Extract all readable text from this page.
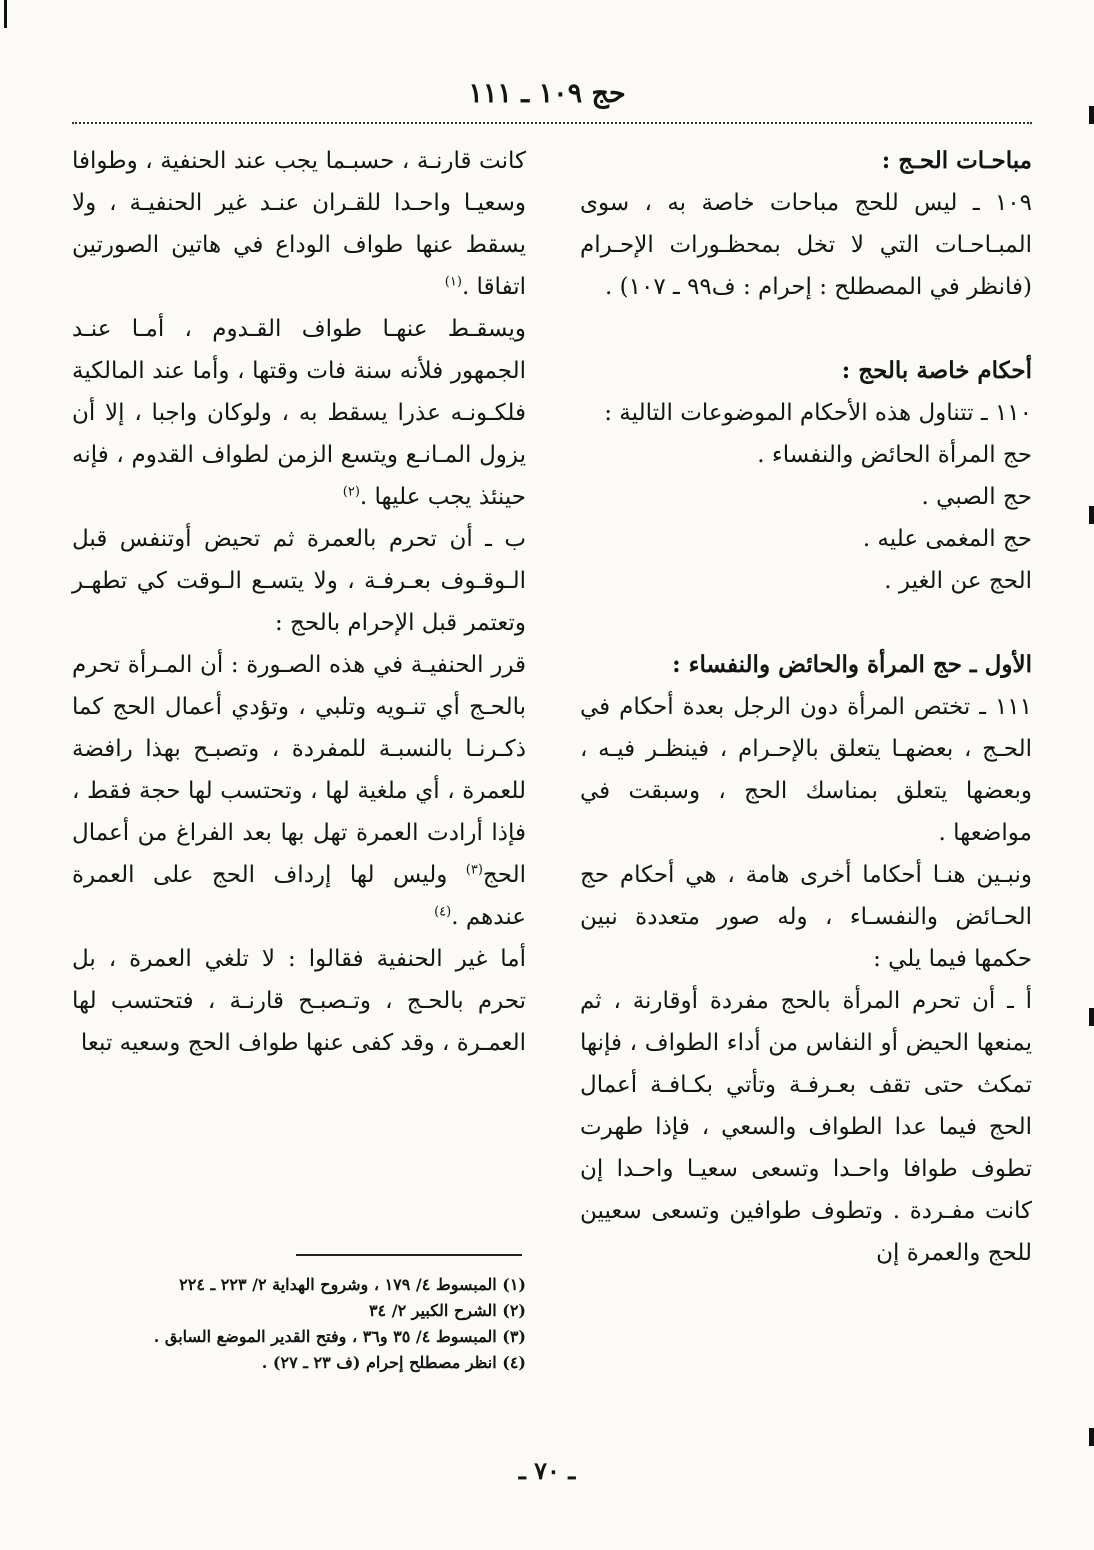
حج ١٠٩ ـ ١١١

مباحـات الحـج :

١٠٩ ـ ليس للحج مباحات خاصة به ، سوى المبـاحـات التي لا تخل بمحظـورات الإحـرام (فانظر في المصطلح : إحرام : ف٩٩ ـ ١٠٧) .

أحكام خاصة بالحج :

١١٠ ـ تتناول هذه الأحكام الموضوعات التالية :

حج المرأة الحائض والنفساء .

حج الصبي .

حج المغمى عليه .

الحج عن الغير .

الأول ـ حج المرأة والحائض والنفساء :

١١١ ـ تختص المرأة دون الرجل بعدة أحكام في الحـج ، بعضهـا يتعلق بالإحـرام ، فينظـر فيـه ، وبعضها يتعلق بمناسك الحج ، وسبقت في مواضعها .

ونبـين هنـا أحكاما أخرى هامة ، هي أحكام حج الحـائض والنفسـاء ، وله صور متعددة نبين حكمها فيما يلي :

أ ـ أن تحرم المرأة بالحج مفردة أوقارنة ، ثم يمنعها الحيض أو النفاس من أداء الطواف ، فإنها تمكث حتى تقف بعـرفـة وتأتي بكـافـة أعمال الحج فيما عدا الطواف والسعي ، فإذا طهرت تطوف طوافا واحـدا وتسعى سعيـا واحـدا إن كانت مفـردة . وتطوف طوافين وتسعى سعيين للحج والعمرة إن

كانت قارنـة ، حسبـما يجب عند الحنفية ، وطوافا وسعيـا واحـدا للقـران عنـد غير الحنفيـة ، ولا يسقط عنها طواف الوداع في هاتين الصورتين اتفاقا .$^{(١)}$

ويسقـط عنهـا طواف القـدوم ، أمـا عنـد الجمهور فلأنه سنة فات وقتها ، وأما عند المالكية فلكـونـه عذرا يسقط به ، ولوكان واجبا ، إلا أن يزول المـانـع ويتسع الزمن لطواف القدوم ، فإنه حينئذ يجب عليها .$^{(٢)}$

ب ـ أن تحرم بالعمرة ثم تحيض أوتنفس قبل الـوقـوف بعـرفـة ، ولا يتسـع الـوقت كي تطهـر وتعتمر قبل الإحرام بالحج :

قرر الحنفيـة في هذه الصـورة : أن المـرأة تحرم بالحـج أي تنـويه وتلبي ، وتؤدي أعمال الحج كما ذكـرنـا بالنسبـة للمفردة ، وتصبـح بهذا رافضة للعمرة ، أي ملغية لها ، وتحتسب لها حجة فقط ، فإذا أرادت العمرة تهل بها بعد الفراغ من أعمال الحج$^{(٣)}$ وليس لها إرداف الحج على العمرة عندهم .$^{(٤)}$

أما غير الحنفية فقالوا : لا تلغي العمرة ، بل تحرم بالحـج ، وتـصبـح قارنـة ، فتحتسب لها العمـرة ، وقد كفى عنها طواف الحج وسعيه تبعا

(١) المبسوط ٤/ ١٧٩ ، وشروح الهداية ٢/ ٢٢٣ ـ ٢٢٤

(٢) الشرح الكبير ٢/ ٣٤

(٣) المبسوط ٤/ ٣٥ و٣٦ ، وفتح القدير الموضع السابق .

(٤) انظر مصطلح إحرام (ف ٢٣ ـ ٢٧) .

ـ ٧٠ ـ
